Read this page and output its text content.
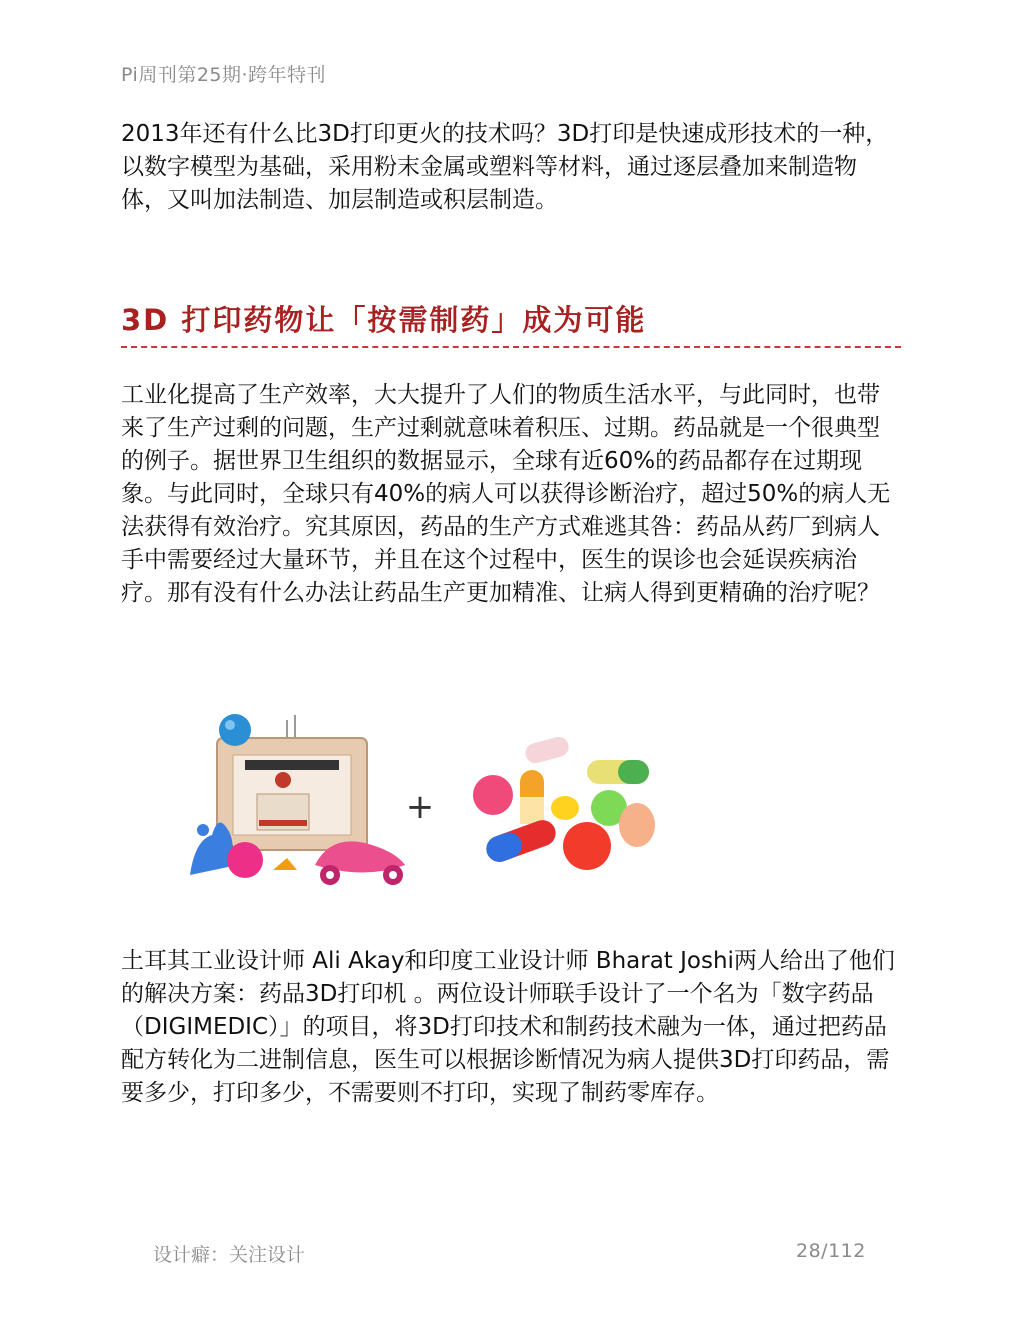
Pi周刊第25期·跨年特刊

2013年还有什么比3D打印更火的技术吗？3D打印是快速成形技术的一种，以数字模型为基础，采用粉末金属或塑料等材料，通过逐层叠加来制造物体，又叫加法制造、加层制造或积层制造。

3D 打印药物让「按需制药」成为可能

工业化提高了生产效率，大大提升了人们的物质生活水平，与此同时，也带来了生产过剩的问题，生产过剩就意味着积压、过期。药品就是一个很典型的例子。据世界卫生组织的数据显示，全球有近60%的药品都存在过期现象。与此同时，全球只有40%的病人可以获得诊断治疗，超过50%的病人无法获得有效治疗。究其原因，药品的生产方式难逃其咎：药品从药厂到病人手中需要经过大量环节，并且在这个过程中，医生的误诊也会延误疾病治疗。那有没有什么办法让药品生产更加精准、让病人得到更精确的治疗呢？

+

土耳其工业设计师 Ali Akay和印度工业设计师 Bharat Joshi两人给出了他们的解决方案：药品3D打印机 。两位设计师联手设计了一个名为「数字药品（DIGIMEDIC）」的项目，将3D打印技术和制药技术融为一体，通过把药品配方转化为二进制信息，医生可以根据诊断情况为病人提供3D打印药品，需要多少，打印多少，不需要则不打印，实现了制药零库存。

设计癖：关注设计	28/112
